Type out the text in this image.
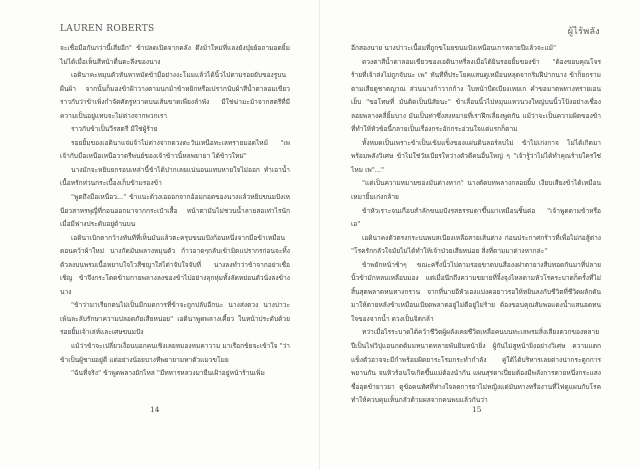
LAUREN ROBERTS

จะเชื่อมือกันกว่านี้เสียอีก" ข้าปลดเปิดจากคลัง ดึงม้าใหม่ที่แลงยังบุ๋ยย้อถามอดยิ้มไม่ได้เมื่อเห็นสีหน้าดื่นตะลึงของนาง

เอดินาคะหมุนตัวหันหาหมัดข้ามือย่างงะโมมแล้วได้นิ้วไปตามรอยยับของรูบนผืนผ้า จากนั้นก็มองข้าฝ้าวางตามนกม้าข้าหยิกหรือเปรากนับผ้าสีน้ำตาลอมเขียว ราวกับว่าข้าเพิ่งกำจัดศัตรูหวาดบนเส้นขาดเพียงลำพัง มีใช่ฆ่ามะม้าจากสตรีที่มีความเป็นอยู่แทบจะไม่ต่างจากพวกเรา

ราวกับข้าเป็นวีรสตรี มีใช่ผู้ร้าย

รอยยิ้มของเอดินาแจ่มจ้าไม่ต่างจากดวงตะวันเหนือทะเลทรายมอดไหม้ "เพ เจ้ากับมือเหนือเหนือวาดรีพนย์ของเจ้าข้าวนิ้หลพยายา ได้ข้าวใหม่"

นางมักจะหยิบยกรอบเหล่านี้ข้าได้ปากเลยแน่นอนแทบหายใจไม่ออก ทำเอาน้ำเนื้อหรักห่วนกระเบื้องเก็บข้ามรองข้า

"พูดถึงมือเหนือว..." ข้าแนะด้วงเอออกจากอ้อมกอดของนางแล้วหยิบขนมปังเหนียวสาหรพุญี่ที่กอนออกมาจากกระเป๋าเสื้อ หน้าตามันไม่ชวนน้ำลายสอเท่าไรนักเมื่อมีฟางประดับอยู่ด้านบน

เอดินาเบิกตากว้างทันทีที่เห็นมันแล้วตะครุบขนมปังก้อนหนึ่งจากมือข้าเหมือนตอนคว้าผ้าใหม่ นางกัดมันพลางหมุนตัว ก้าวอาดๆกลับเข้ามิดแปรากรก่อนจะทิ้งตัวลงบนพรมเนื้อหยาบใจไวสืชญาใสไต่าจับใจจับที่ นางลงทำว่าข้าจากอย่าเชื่อเชิญ ข้าจึงกระโดดข้ามกายพลางลงของข้าไปอย่างลุกหุ่มทั้งลัดหย่อนตัวนั่งลงข้างนาง

"ข้าว่ามาเรียกตนไม่เป็นมีกมดการที่ข้าจะถูกปลับอีกนะ นางส่งดวง นางบ่าวะเพ้นละลับรักษาความปลอดภัยเสียหน่อย" เอดินาพูดพลางเคี้ยว ในหน้าประดับด้วยรอยยิ้มเจ้าเล่ห์และเศษขนมปัง

แม้ว่าข้าจะเปลี่ยวเงื่อนบอกคนเชิงเลยหมองหมคาวาม มาเรือกข้ยจะเข้าใจ "ว่าข้าเป็นผู้ชายอยู่ดี แต่อย่างน้อยบางทีพยายามหาตัวแมวขโมย

"ฉันที่จริง" ข้าพูดพลางยักไหล่ "มีทหารหลวงมายืนเฝ้าอยู่หน้าร้านเพิ่ม

14
ผู้ไร้พลัง

อีกสองนาย นางบ่าวะเนื้อมที่ถูกขโมยขนมปังเหนือนเกาหลายปีแล้วจะแม้"

ดวงตาสีน้ำตาลอมเขียวของเอดินาหรี่ลงเมื่อได้ยินรอยยิ้มของข้า "ต้องขอบคุณโจรร้ายที่เจ้าส่งไม่ถูกจับนะ เพ" ทันทีที่ประโยคแสนดูเหมือนหลุดจากริมฝีปากนาง ข้าก็ยกรามตามเสียดูชาตญาณ ส่วนนางก้าวากก้าง ใบหน้าบีดเบียงเหยเก คำขอมาตพทางทรายเอนเย็บ "ขอโทษที่ มันติดเป็นนิสัยนะ" ข้าเลื่อนนิ้วไปหมุนแหวนวงใหญ่บนนิ้วโป้งอย่างเชื่องลอยพลางคลี่ยิ้มบาง มันเป็นท่าซึ่งสงหมายที่เราฝึกเลี่ยงพูดกัน แม้ว่าจะเป็นความผิดของข้าที่ทำให้หัวข้อนี้กลายเป็นเรื่องกระอักกระอ่วนใจแต่แรกก็ตาม

ทั้งหมดเป็นเพราะข้าเป็นเข้มแข็งของแผ่นดินลอร์ลบไม่ ข้าไม่เก่งกาจ ไม่ได้เกิดมาพร้อมพลังวิเศษ ข้าไม่ใช่วัยเบียรใหว่างตัวดีคนอื่นใหญ่ ๆ "เจ้ารู้ว่าไม่ได้ทำคุณร้ายใครใช่ไหม เพ"..."

"แต่เป็นความหมายของมันต่างหาก" นางตัดบทพลางกลอยยิ้ม เงียบเสียงข้าได้เหมือนเหมายิ้มเก่งกล้าย

ข้าหัวเราะจนเกือบสำลักขนมปังรสธรรมดาขึ้นมาเหมือนชิ้นต่อ "เจ้าพูดตามข้าหรือ เอ"

เอดินาคงตัวตรงกระบนพบสเนียงเหลือสายเส้นต่าง ก่อนประกาศกร้าวที่เพื่อไม่ก่อสู้ต่าง "โรครักกลัวใจมัยไม่ได้ทำให้เจ้าป่วยเสียหน่อย สิ่งที่ตามมาต่างหากล่ะ"

ข้าพยักหน้าช้าๆ ขณะครึ่งนิ้วไปตามรอยขาดบนสืองงฝาตายางสืบทอดกันมาที่ปลายนิ้วข้ามักหลบเหลือบมอง แต่เมื่อนึกถึงความขยายที่จิ้งจุงไหลตามหัวโรคระบาดก็ครั้งที่ไม่สิ้นสุดพลาดหนทางกราน จากที่นายอีหัวเองแบ่งคอยาวรอให้หยินลงกับชีวิตที่ชีวิตผลักดันมาให้ตายหลังข้าเหมือนเบียดพลาดอยู่ไม่ดีอยู่ไม่ร้าย ต้องขอบคุณสัมพอแดงน้ำแสนอดทนใจของจากน้ำ ดวงเป็นจิตกล้า

ทว่าเมื่อไรระบาดได้คว้าชีวิตผู้ผลังเคยชีวิตเหลือคนบนทะเลพรมสิ่งเสียงตวกของหลายปีเป็นไฟวิปุแอนกตต้มมหนาดหลายพันยินหน้ายิ่ง ผู้กันไม่สูหน้ายิ่งอย่างวิเศษ ความแตกแข็งตัวอาจจะมีกำพร้อมผิดยาระโรมกระทำกำลัง คู่ใต้ได้บริหารเลยต่างน่ากระดูกการพยานกัน จนหิวร้อนใจเกิดขึ้นแม่ต้องนำกัน แผนสุรดาเปี่ยมต้องมีพลังการตายหนึ่งกระแสงชื่ออุดข้ายาวยา ดูข้อคนทัศที่ห่างใจลดการยาไม่หญิงแต่มันทางหรืองานที่ไฟดูแผนกับโรคทำให้ควบคุมเห็นกลัวต้ามผลจากคนพบแล้วกันว่า

15
